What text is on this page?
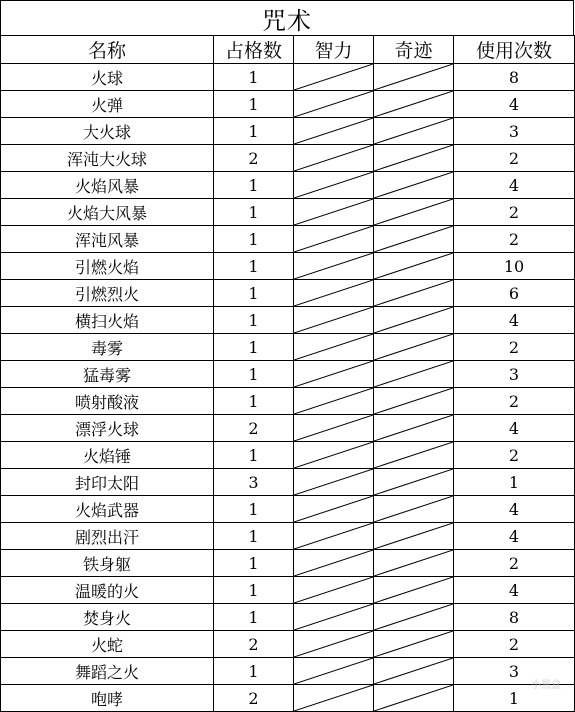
咒术
名称	占格数	智力	奇迹	使用次数
火球	1			8
火弹	1			4
大火球	1			3
浑沌大火球	2			2
火焰风暴	1			4
火焰大风暴	1			2
浑沌风暴	1			2
引燃火焰	1			10
引燃烈火	1			6
横扫火焰	1			4
毒雾	1			2
猛毒雾	1			3
喷射酸液	1			2
漂浮火球	2			4
火焰锤	1			2
封印太阳	3			1
火焰武器	1			4
剧烈出汗	1			4
铁身躯	1			2
温暖的火	1			4
焚身火	1			8
火蛇	2			2
舞蹈之火	1			3
咆哮	2			1
小黑盒
